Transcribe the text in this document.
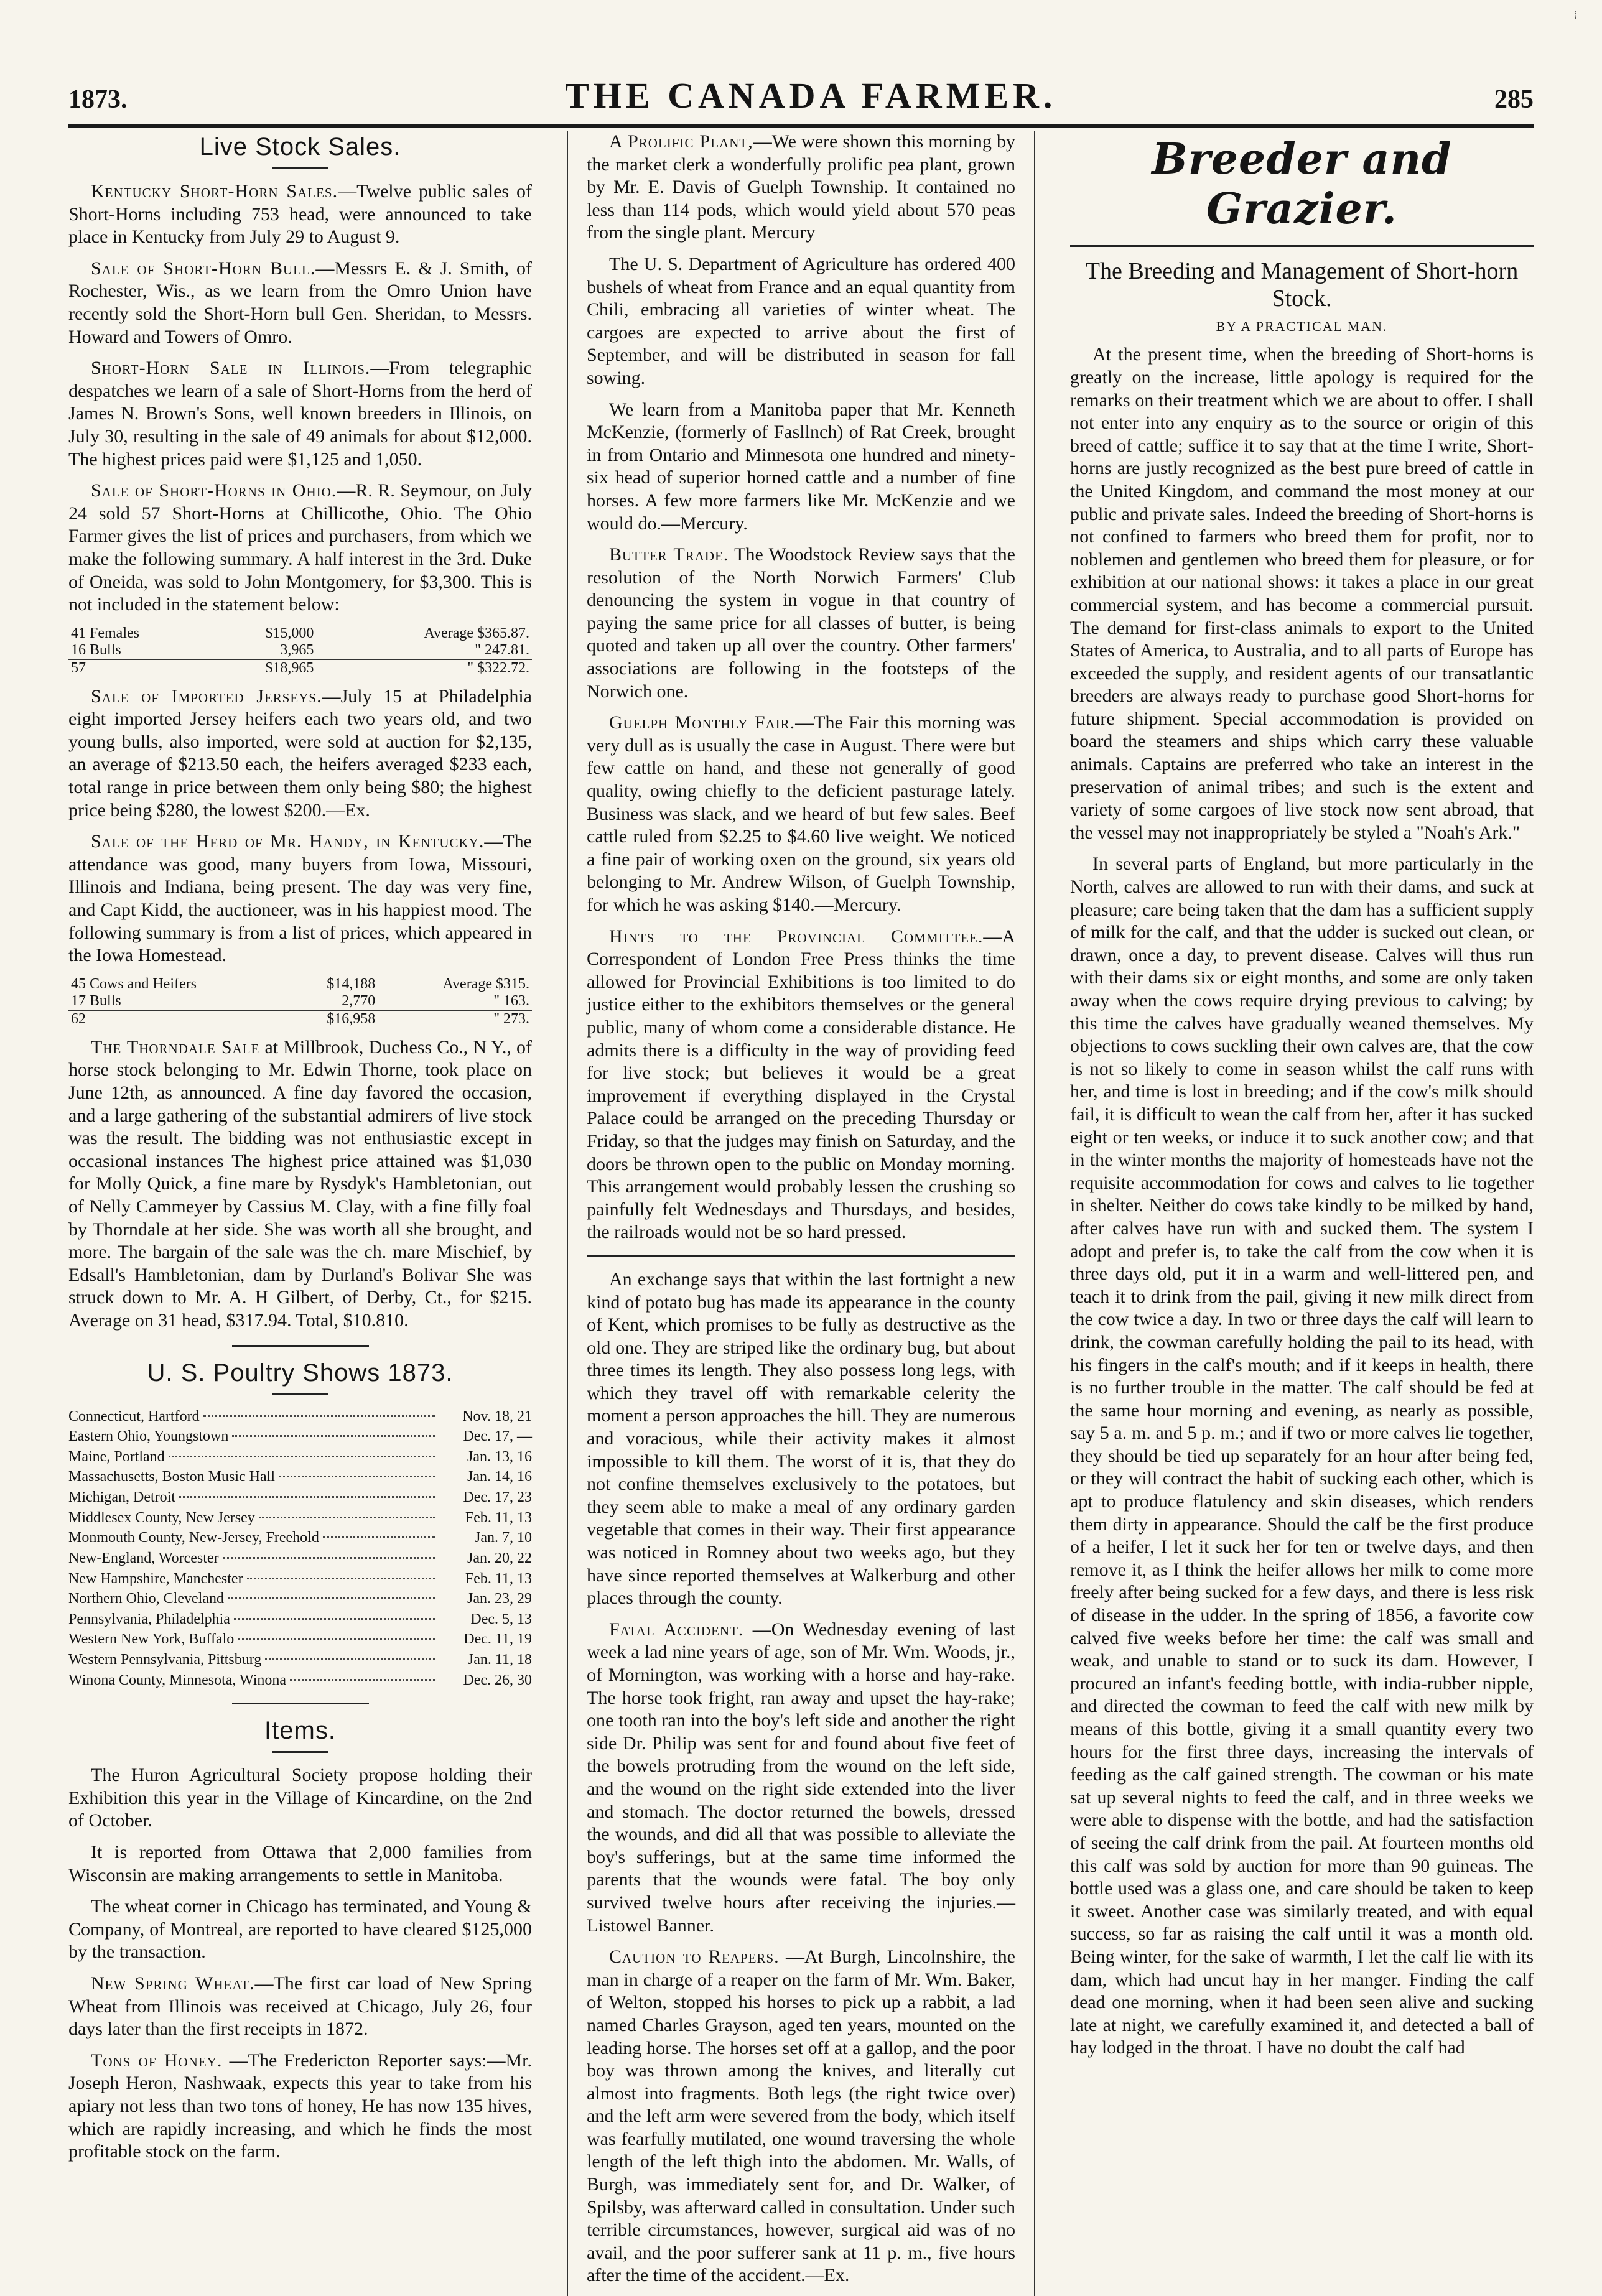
⁞
1873.	THE CANADA FARMER.	285
Live Stock Sales.

Kentucky Short-Horn Sales.—Twelve public sales of Short-Horns including 753 head, were announced to take place in Kentucky from July 29 to August 9.

Sale of Short-Horn Bull.—Messrs E. & J. Smith, of Rochester, Wis., as we learn from the Omro Union have recently sold the Short-Horn bull Gen. Sheridan, to Messrs. Howard and Towers of Omro.

Short-Horn Sale in Illinois.—From telegraphic despatches we learn of a sale of Short-Horns from the herd of James N. Brown's Sons, well known breeders in Illinois, on July 30, resulting in the sale of 49 animals for about $12,000. The highest prices paid were $1,125 and 1,050.

Sale of Short-Horns in Ohio.—R. R. Seymour, on July 24 sold 57 Short-Horns at Chillicothe, Ohio. The Ohio Farmer gives the list of prices and purchasers, from which we make the following summary. A half interest in the 3rd. Duke of Oneida, was sold to John Montgomery, for $3,300. This is not included in the statement below:

41 Females	$15,000	Average $365.87.
16 Bulls	3,965	" 247.81.
57	$18,965	" $322.72.

Sale of Imported Jerseys.—July 15 at Philadelphia eight imported Jersey heifers each two years old, and two young bulls, also imported, were sold at auction for $2,135, an average of $213.50 each, the heifers averaged $233 each, total range in price between them only being $80; the highest price being $280, the lowest $200.—Ex.

Sale of the Herd of Mr. Handy, in Kentucky.—The attendance was good, many buyers from Iowa, Missouri, Illinois and Indiana, being present. The day was very fine, and Capt Kidd, the auctioneer, was in his happiest mood. The following summary is from a list of prices, which appeared in the Iowa Homestead.

45 Cows and Heifers	$14,188	Average $315.
17 Bulls	2,770	" 163.
62	$16,958	" 273.

The Thorndale Sale at Millbrook, Duchess Co., N Y., of horse stock belonging to Mr. Edwin Thorne, took place on June 12th, as announced. A fine day favored the occasion, and a large gathering of the substantial admirers of live stock was the result. The bidding was not enthusiastic except in occasional instances The highest price attained was $1,030 for Molly Quick, a fine mare by Rysdyk's Hambletonian, out of Nelly Cammeyer by Cassius M. Clay, with a fine filly foal by Thorndale at her side. She was worth all she brought, and more. The bargain of the sale was the ch. mare Mischief, by Edsall's Hambletonian, dam by Durland's Bolivar She was struck down to Mr. A. H Gilbert, of Derby, Ct., for $215. Average on 31 head, $317.94. Total, $10.810.

U. S. Poultry Shows 1873.
Connecticut, Hartford	Nov. 18, 21
Eastern Ohio, Youngstown	Dec. 17, —
Maine, Portland	Jan. 13, 16
Massachusetts, Boston Music Hall	Jan. 14, 16
Michigan, Detroit	Dec. 17, 23
Middlesex County, New Jersey	Feb. 11, 13
Monmouth County, New-Jersey, Freehold	Jan. 7, 10
New-England, Worcester	Jan. 20, 22
New Hampshire, Manchester	Feb. 11, 13
Northern Ohio, Cleveland	Jan. 23, 29
Pennsylvania, Philadelphia	Dec. 5, 13
Western New York, Buffalo	Dec. 11, 19
Western Pennsylvania, Pittsburg	Jan. 11, 18
Winona County, Minnesota, Winona	Dec. 26, 30
Items.

The Huron Agricultural Society propose holding their Exhibition this year in the Village of Kincardine, on the 2nd of October.

It is reported from Ottawa that 2,000 families from Wisconsin are making arrangements to settle in Manitoba.

The wheat corner in Chicago has terminated, and Young & Company, of Montreal, are reported to have cleared $125,000 by the transaction.

New Spring Wheat.—The first car load of New Spring Wheat from Illinois was received at Chicago, July 26, four days later than the first receipts in 1872.

Tons of Honey. —The Fredericton Reporter says:—Mr. Joseph Heron, Nashwaak, expects this year to take from his apiary not less than two tons of honey, He has now 135 hives, which are rapidly increasing, and which he finds the most profitable stock on the farm.

A Prolific Plant,—We were shown this morning by the market clerk a wonderfully prolific pea plant, grown by Mr. E. Davis of Guelph Township. It contained no less than 114 pods, which would yield about 570 peas from the single plant. Mercury

The U. S. Department of Agriculture has ordered 400 bushels of wheat from France and an equal quantity from Chili, embracing all varieties of winter wheat. The cargoes are expected to arrive about the first of September, and will be distributed in season for fall sowing.

We learn from a Manitoba paper that Mr. Kenneth McKenzie, (formerly of Fasllnch) of Rat Creek, brought in from Ontario and Minnesota one hundred and ninety-six head of superior horned cattle and a number of fine horses. A few more farmers like Mr. McKenzie and we would do.—Mercury.

Butter Trade. The Woodstock Review says that the resolution of the North Norwich Farmers' Club denouncing the system in vogue in that country of paying the same price for all classes of butter, is being quoted and taken up all over the country. Other farmers' associations are following in the footsteps of the Norwich one.

Guelph Monthly Fair.—The Fair this morning was very dull as is usually the case in August. There were but few cattle on hand, and these not generally of good quality, owing chiefly to the deficient pasturage lately. Business was slack, and we heard of but few sales. Beef cattle ruled from $2.25 to $4.60 live weight. We noticed a fine pair of working oxen on the ground, six years old belonging to Mr. Andrew Wilson, of Guelph Township, for which he was asking $140.—Mercury.

Hints to the Provincial Committee.—A Correspondent of London Free Press thinks the time allowed for Provincial Exhibitions is too limited to do justice either to the exhibitors themselves or the general public, many of whom come a considerable distance. He admits there is a difficulty in the way of providing feed for live stock; but believes it would be a great improvement if everything displayed in the Crystal Palace could be arranged on the preceding Thursday or Friday, so that the judges may finish on Saturday, and the doors be thrown open to the public on Monday morning. This arrangement would probably lessen the crushing so painfully felt Wednesdays and Thursdays, and besides, the railroads would not be so hard pressed.

An exchange says that within the last fortnight a new kind of potato bug has made its appearance in the county of Kent, which promises to be fully as destructive as the old one. They are striped like the ordinary bug, but about three times its length. They also possess long legs, with which they travel off with remarkable celerity the moment a person approaches the hill. They are numerous and voracious, while their activity makes it almost impossible to kill them. The worst of it is, that they do not confine themselves exclusively to the potatoes, but they seem able to make a meal of any ordinary garden vegetable that comes in their way. Their first appearance was noticed in Romney about two weeks ago, but they have since reported themselves at Walkerburg and other places through the county.

Fatal Accident. —On Wednesday evening of last week a lad nine years of age, son of Mr. Wm. Woods, jr., of Mornington, was working with a horse and hay-rake. The horse took fright, ran away and upset the hay-rake; one tooth ran into the boy's left side and another the right side Dr. Philip was sent for and found about five feet of the bowels protruding from the wound on the left side, and the wound on the right side extended into the liver and stomach. The doctor returned the bowels, dressed the wounds, and did all that was possible to alleviate the boy's sufferings, but at the same time informed the parents that the wounds were fatal. The boy only survived twelve hours after receiving the injuries.—Listowel Banner.

Caution to Reapers. —At Burgh, Lincolnshire, the man in charge of a reaper on the farm of Mr. Wm. Baker, of Welton, stopped his horses to pick up a rabbit, a lad named Charles Grayson, aged ten years, mounted on the leading horse. The horses set off at a gallop, and the poor boy was thrown among the knives, and literally cut almost into fragments. Both legs (the right twice over) and the left arm were severed from the body, which itself was fearfully mutilated, one wound traversing the whole length of the left thigh into the abdomen. Mr. Walls, of Burgh, was immediately sent for, and Dr. Walker, of Spilsby, was afterward called in consultation. Under such terrible circumstances, however, surgical aid was of no avail, and the poor sufferer sank at 11 p. m., five hours after the time of the accident.—Ex.

Breeder and Grazier.
The Breeding and Management of Short-horn Stock.
BY A PRACTICAL MAN.

At the present time, when the breeding of Short-horns is greatly on the increase, little apology is required for the remarks on their treatment which we are about to offer. I shall not enter into any enquiry as to the source or origin of this breed of cattle; suffice it to say that at the time I write, Short-horns are justly recognized as the best pure breed of cattle in the United Kingdom, and command the most money at our public and private sales. Indeed the breeding of Short-horns is not confined to farmers who breed them for profit, nor to noblemen and gentlemen who breed them for pleasure, or for exhibition at our national shows: it takes a place in our great commercial system, and has become a commercial pursuit. The demand for first-class animals to export to the United States of America, to Australia, and to all parts of Europe has exceeded the supply, and resident agents of our transatlantic breeders are always ready to purchase good Short-horns for future shipment. Special accommodation is provided on board the steamers and ships which carry these valuable animals. Captains are preferred who take an interest in the preservation of animal tribes; and such is the extent and variety of some cargoes of live stock now sent abroad, that the vessel may not inappropriately be styled a "Noah's Ark."

In several parts of England, but more particularly in the North, calves are allowed to run with their dams, and suck at pleasure; care being taken that the dam has a sufficient supply of milk for the calf, and that the udder is sucked out clean, or drawn, once a day, to prevent disease. Calves will thus run with their dams six or eight months, and some are only taken away when the cows require drying previous to calving; by this time the calves have gradually weaned themselves. My objections to cows suckling their own calves are, that the cow is not so likely to come in season whilst the calf runs with her, and time is lost in breeding; and if the cow's milk should fail, it is difficult to wean the calf from her, after it has sucked eight or ten weeks, or induce it to suck another cow; and that in the winter months the majority of homesteads have not the requisite accommodation for cows and calves to lie together in shelter. Neither do cows take kindly to be milked by hand, after calves have run with and sucked them. The system I adopt and prefer is, to take the calf from the cow when it is three days old, put it in a warm and well-littered pen, and teach it to drink from the pail, giving it new milk direct from the cow twice a day. In two or three days the calf will learn to drink, the cowman carefully holding the pail to its head, with his fingers in the calf's mouth; and if it keeps in health, there is no further trouble in the matter. The calf should be fed at the same hour morning and evening, as nearly as possible, say 5 a. m. and 5 p. m.; and if two or more calves lie together, they should be tied up separately for an hour after being fed, or they will contract the habit of sucking each other, which is apt to produce flatulency and skin diseases, which renders them dirty in appearance. Should the calf be the first produce of a heifer, I let it suck her for ten or twelve days, and then remove it, as I think the heifer allows her milk to come more freely after being sucked for a few days, and there is less risk of disease in the udder. In the spring of 1856, a favorite cow calved five weeks before her time: the calf was small and weak, and unable to stand or to suck its dam. However, I procured an infant's feeding bottle, with india-rubber nipple, and directed the cowman to feed the calf with new milk by means of this bottle, giving it a small quantity every two hours for the first three days, increasing the intervals of feeding as the calf gained strength. The cowman or his mate sat up several nights to feed the calf, and in three weeks we were able to dispense with the bottle, and had the satisfaction of seeing the calf drink from the pail. At fourteen months old this calf was sold by auction for more than 90 guineas. The bottle used was a glass one, and care should be taken to keep it sweet. Another case was similarly treated, and with equal success, so far as raising the calf until it was a month old. Being winter, for the sake of warmth, I let the calf lie with its dam, which had uncut hay in her manger. Finding the calf dead one morning, when it had been seen alive and sucking late at night, we carefully examined it, and detected a ball of hay lodged in the throat. I have no doubt the calf had
